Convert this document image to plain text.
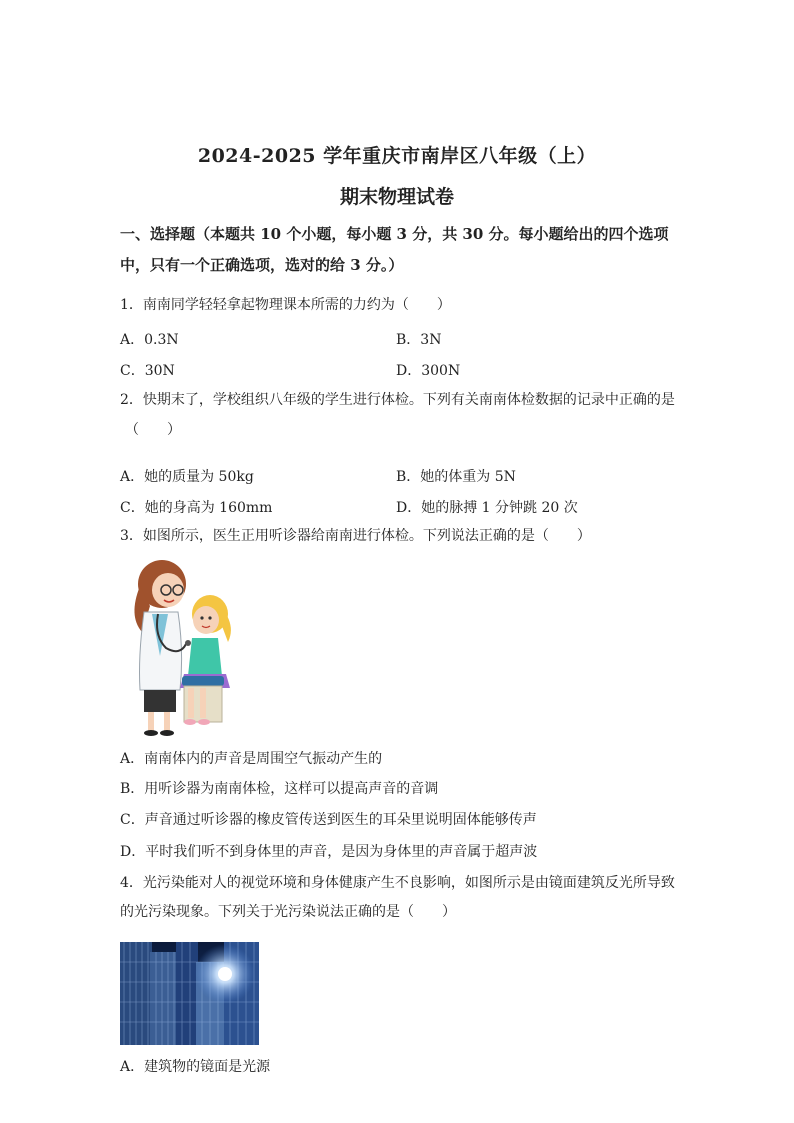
2024-2025 学年重庆市南岸区八年级（上）
期末物理试卷
一、选择题（本题共 10 个小题，每小题 3 分，共 30 分。每小题给出的四个选项中，只有一个正确选项，选对的给 3 分。）
1．南南同学轻轻拿起物理课本所需的力约为（　　）
A．0.3N	B．3N
C．30N	D．300N
2．快期末了，学校组织八年级的学生进行体检。下列有关南南体检数据的记录中正确的是
（　　）
A．她的质量为 50kg	B．她的体重为 5N
C．她的身高为 160mm	D．她的脉搏 1 分钟跳 20 次
3．如图所示，医生正用听诊器给南南进行体检。下列说法正确的是（　　）
A．南南体内的声音是周围空气振动产生的
B．用听诊器为南南体检，这样可以提高声音的音调
C．声音通过听诊器的橡皮管传送到医生的耳朵里说明固体能够传声
D．平时我们听不到身体里的声音，是因为身体里的声音属于超声波
4．光污染能对人的视觉环境和身体健康产生不良影响，如图所示是由镜面建筑反光所导致
的光污染现象。下列关于光污染说法正确的是（　　）
A．建筑物的镜面是光源
